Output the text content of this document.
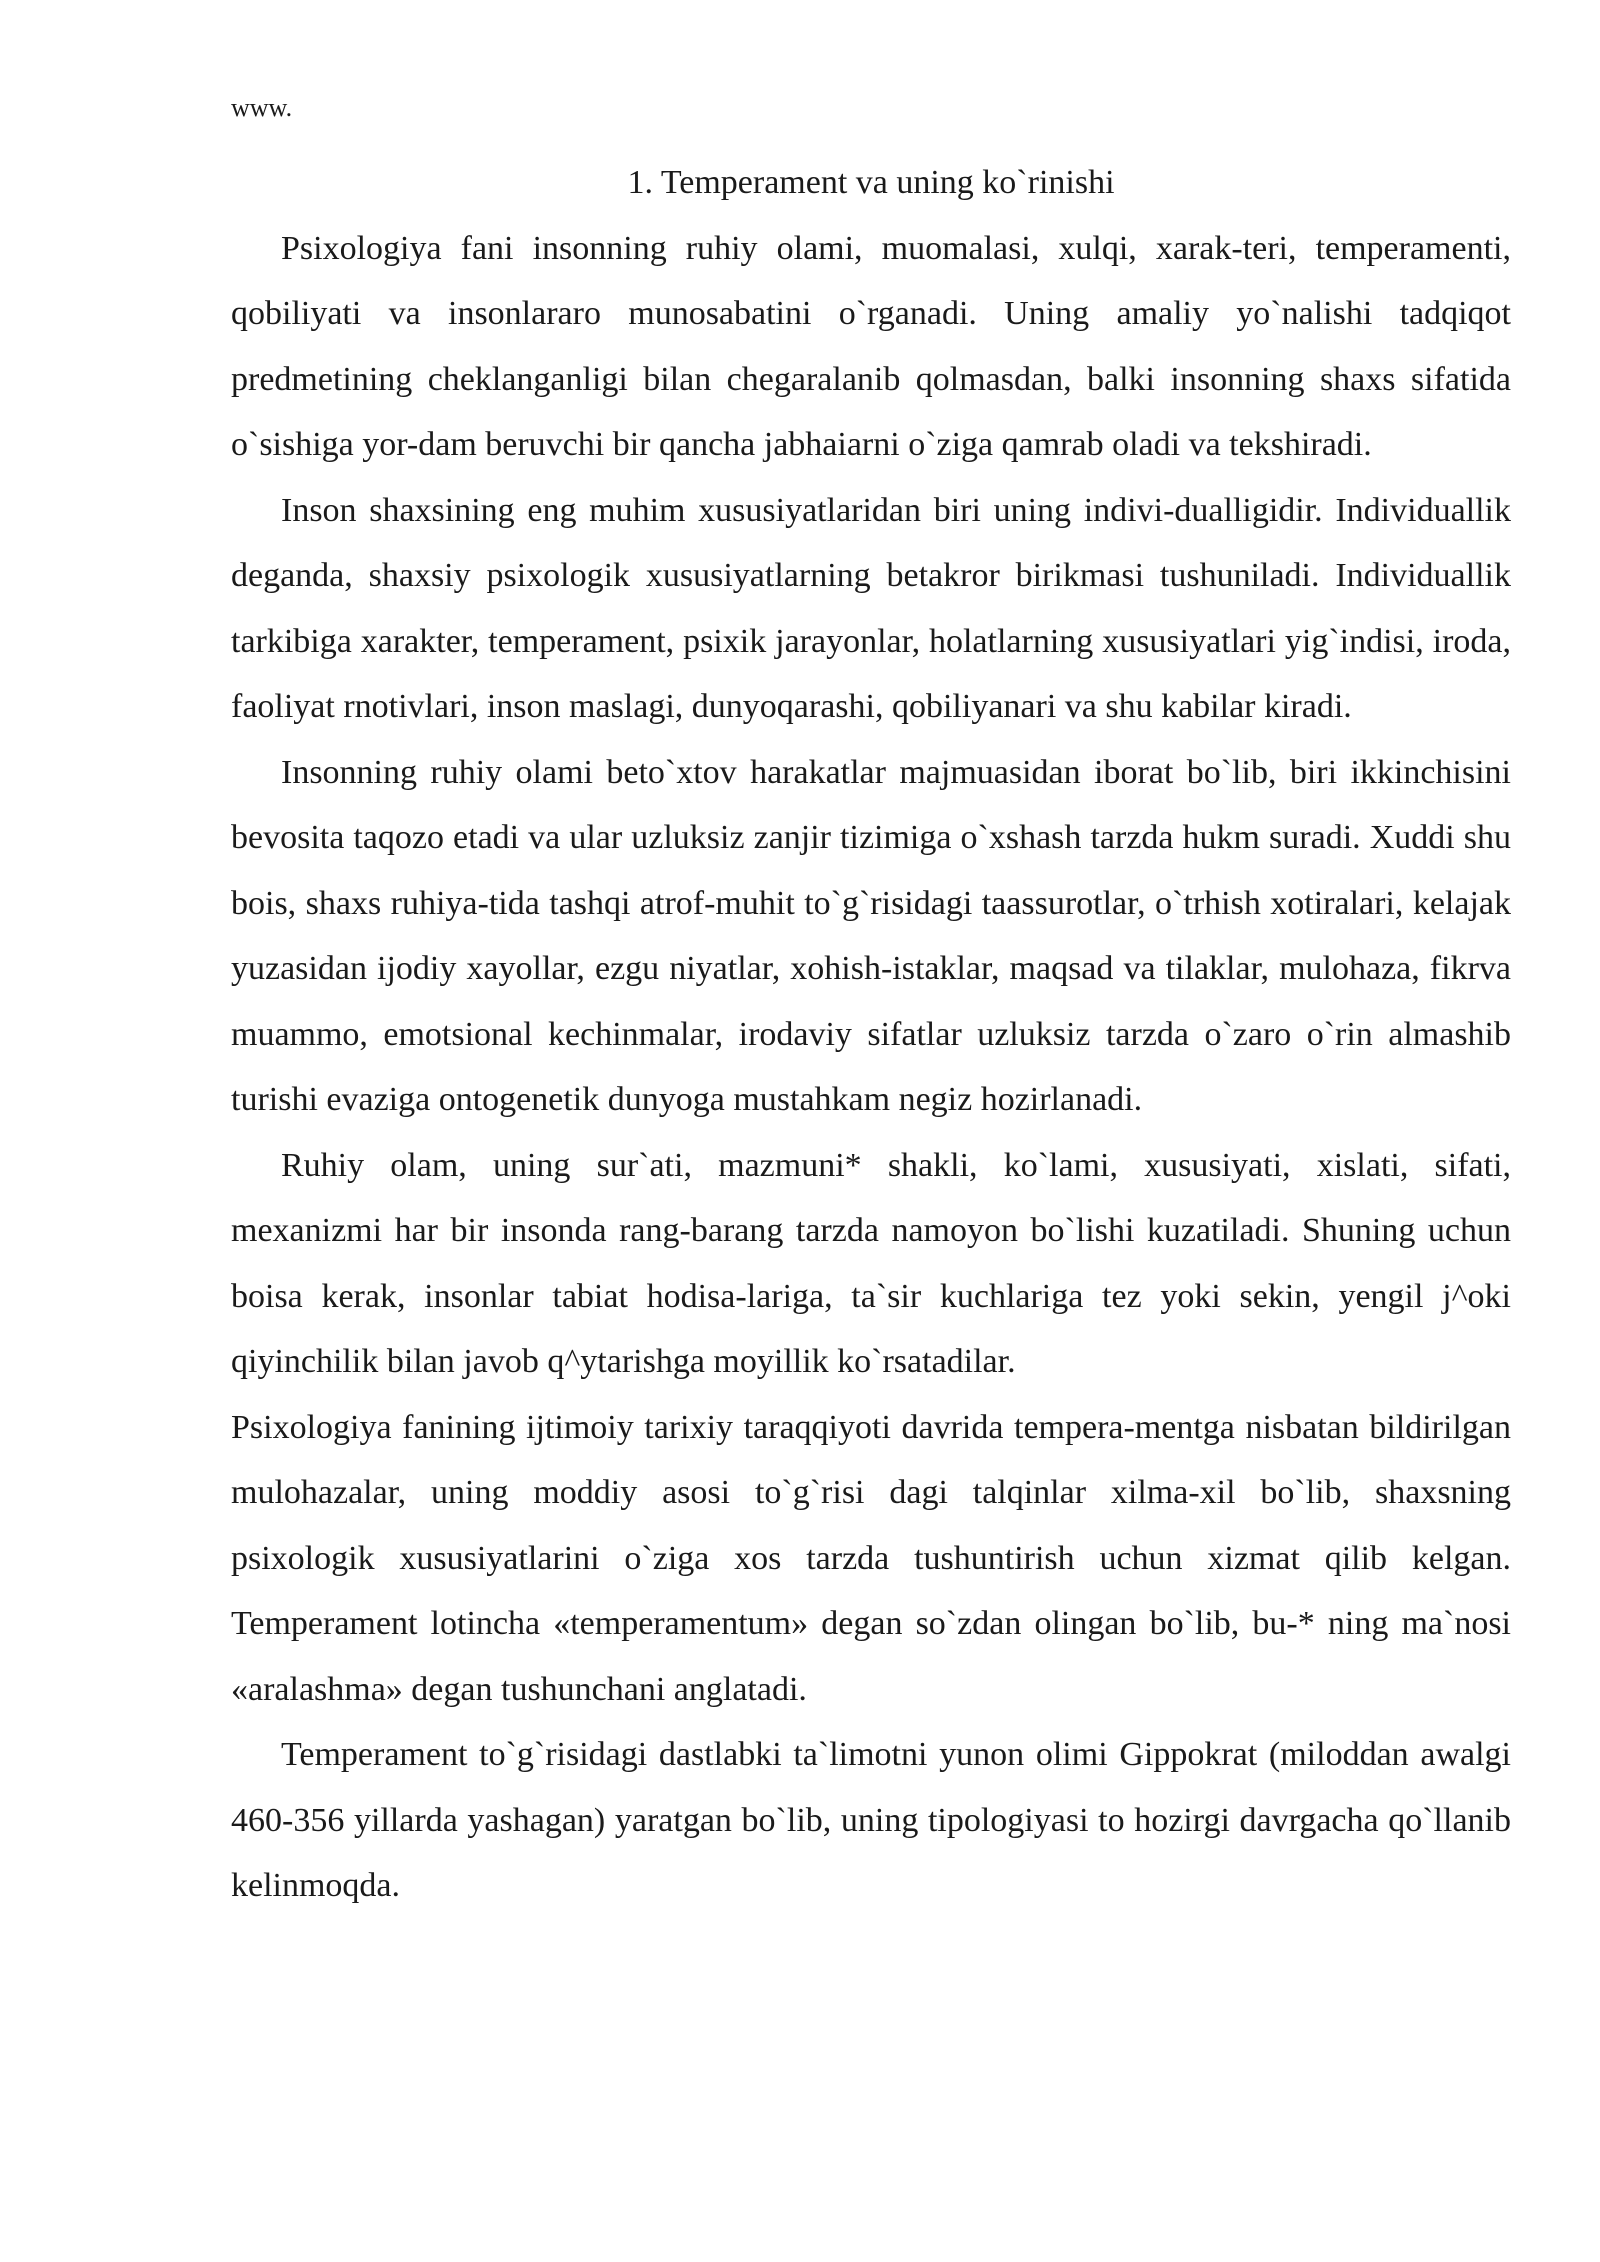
www.
1. Temperament va uning ko`rinishi

Psixologiya fani insonning ruhiy olami, muomalasi, xulqi, xarak-teri, temperamenti, qobiliyati va insonlararo munosabatini o`rganadi. Uning amaliy yo`nalishi tadqiqot predmetining cheklanganligi bilan chegaralanib qolmasdan, balki insonning shaxs sifatida o`sishiga yor-dam beruvchi bir qancha jabhaiarni o`ziga qamrab oladi va tekshiradi.

Inson shaxsining eng muhim xususiyatlaridan biri uning indivi-dualligidir. Individuallik deganda, shaxsiy psixologik xususiyatlarning betakror birikmasi tushuniladi. Individuallik tarkibiga xarakter, temperament, psixik jarayonlar, holatlarning xususiyatlari yig`indisi, iroda, faoliyat rnotivlari, inson maslagi, dunyoqarashi, qobiliyanari va shu kabilar kiradi.

Insonning ruhiy olami beto`xtov harakatlar majmuasidan iborat bo`lib, biri ikkinchisini bevosita taqozo etadi va ular uzluksiz zanjir tizimiga o`xshash tarzda hukm suradi. Xuddi shu bois, shaxs ruhiya-tida tashqi atrof-muhit to`g`risidagi taassurotlar, o`trhish xotiralari, kelajak yuzasidan ijodiy xayollar, ezgu niyatlar, xohish-istaklar, maqsad va tilaklar, mulohaza, fikrva muammo, emotsional kechinmalar, irodaviy sifatlar uzluksiz tarzda o`zaro o`rin almashib turishi evaziga ontogenetik dunyoga mustahkam negiz hozirlanadi.

Ruhiy olam, uning sur`ati, mazmuni* shakli, ko`lami, xususiyati, xislati, sifati, mexanizmi har bir insonda rang-barang tarzda namoyon bo`lishi kuzatiladi. Shuning uchun boisa kerak, insonlar tabiat hodisa-lariga, ta`sir kuchlariga tez yoki sekin, yengil j^oki qiyinchilik bilan javob q^ytarishga moyillik ko`rsatadilar.

Psixologiya fanining ijtimoiy tarixiy taraqqiyoti davrida tempera-mentga nisbatan bildirilgan mulohazalar, uning moddiy asosi to`g`risi dagi talqinlar xilma-xil bo`lib, shaxsning psixologik xususiyatlarini o`ziga xos tarzda tushuntirish uchun xizmat qilib kelgan. Temperament lotincha «temperamentum» degan so`zdan olingan bo`lib, bu-* ning ma`nosi «aralashma» degan tushunchani anglatadi.

Temperament to`g`risidagi dastlabki ta`limotni yunon olimi Gippokrat (miloddan awalgi 460-356 yillarda yashagan) yaratgan bo`lib, uning tipologiyasi to hozirgi davrgacha qo`llanib kelinmoqda.
